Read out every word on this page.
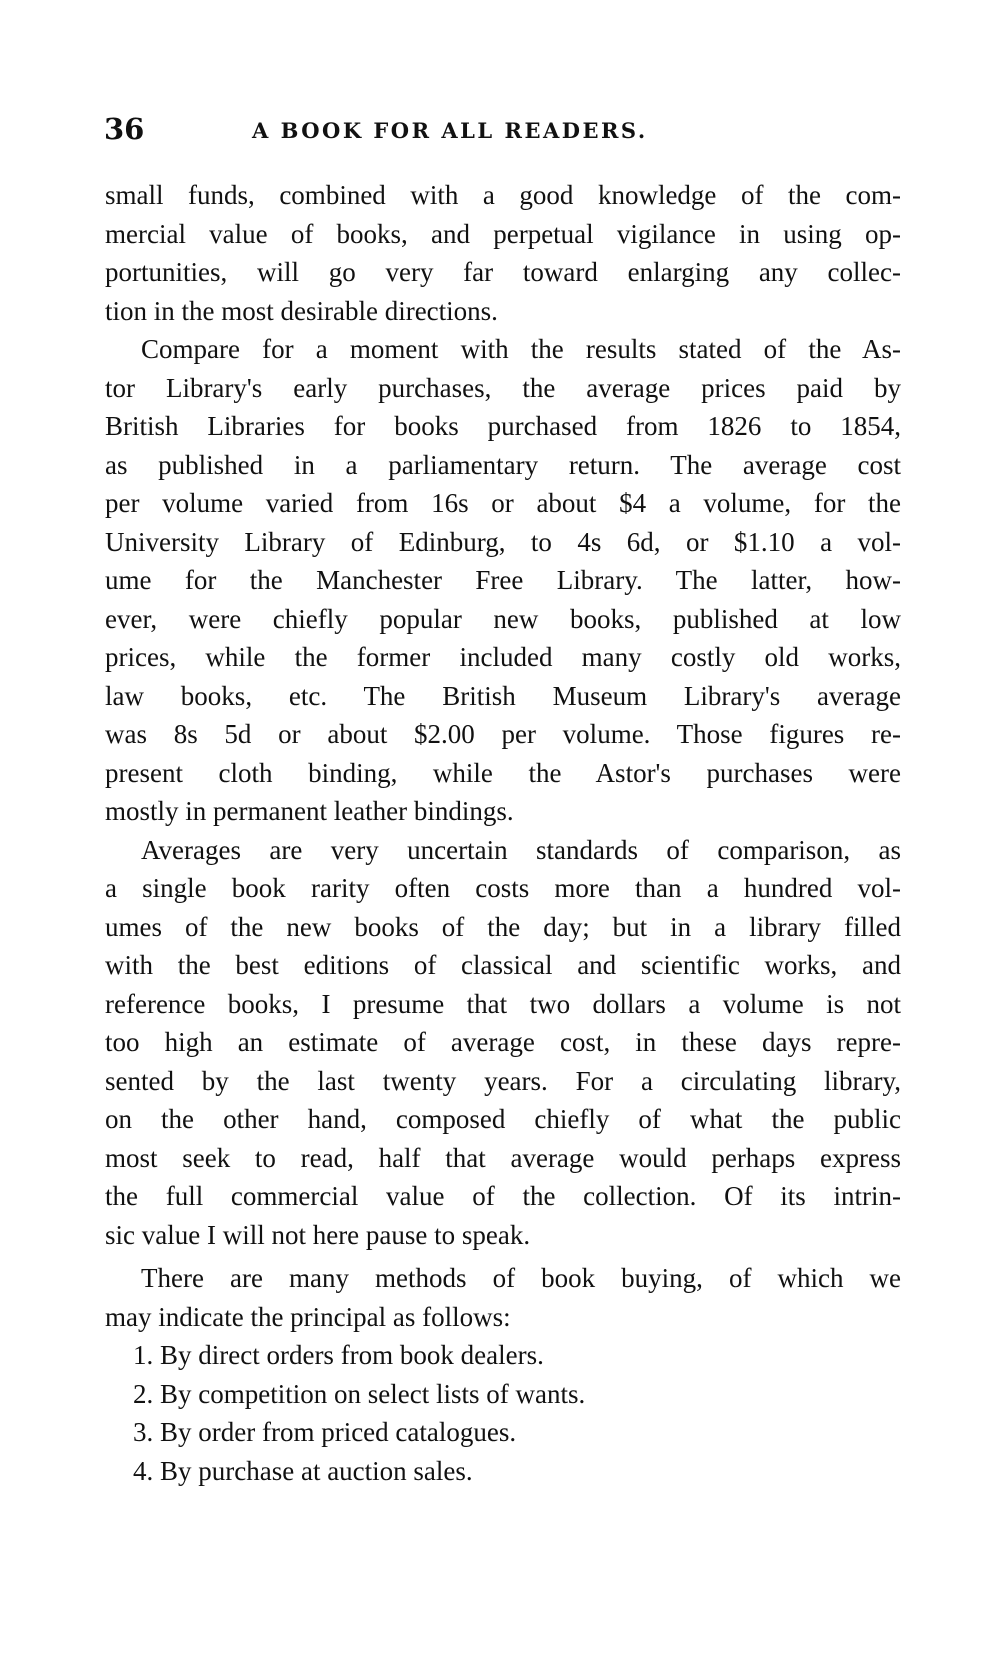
36	A BOOK FOR ALL READERS.
small funds, combined with a good knowledge of the com-
mercial value of books, and perpetual vigilance in using op-
portunities, will go very far toward enlarging any collec-
tion in the most desirable directions.
Compare for a moment with the results stated of the As-
tor Library's early purchases, the average prices paid by
British Libraries for books purchased from 1826 to 1854,
as published in a parliamentary return. The average cost
per volume varied from 16s or about $4 a volume, for the
University Library of Edinburg, to 4s 6d, or $1.10 a vol-
ume for the Manchester Free Library. The latter, how-
ever, were chiefly popular new books, published at low
prices, while the former included many costly old works,
law books, etc. The British Museum Library's average
was 8s 5d or about $2.00 per volume. Those figures re-
present cloth binding, while the Astor's purchases were
mostly in permanent leather bindings.
Averages are very uncertain standards of comparison, as
a single book rarity often costs more than a hundred vol-
umes of the new books of the day; but in a library filled
with the best editions of classical and scientific works, and
reference books, I presume that two dollars a volume is not
too high an estimate of average cost, in these days repre-
sented by the last twenty years. For a circulating library,
on the other hand, composed chiefly of what the public
most seek to read, half that average would perhaps express
the full commercial value of the collection. Of its intrin-
sic value I will not here pause to speak.
There are many methods of book buying, of which we
may indicate the principal as follows:
1. By direct orders from book dealers.
2. By competition on select lists of wants.
3. By order from priced catalogues.
4. By purchase at auction sales.
